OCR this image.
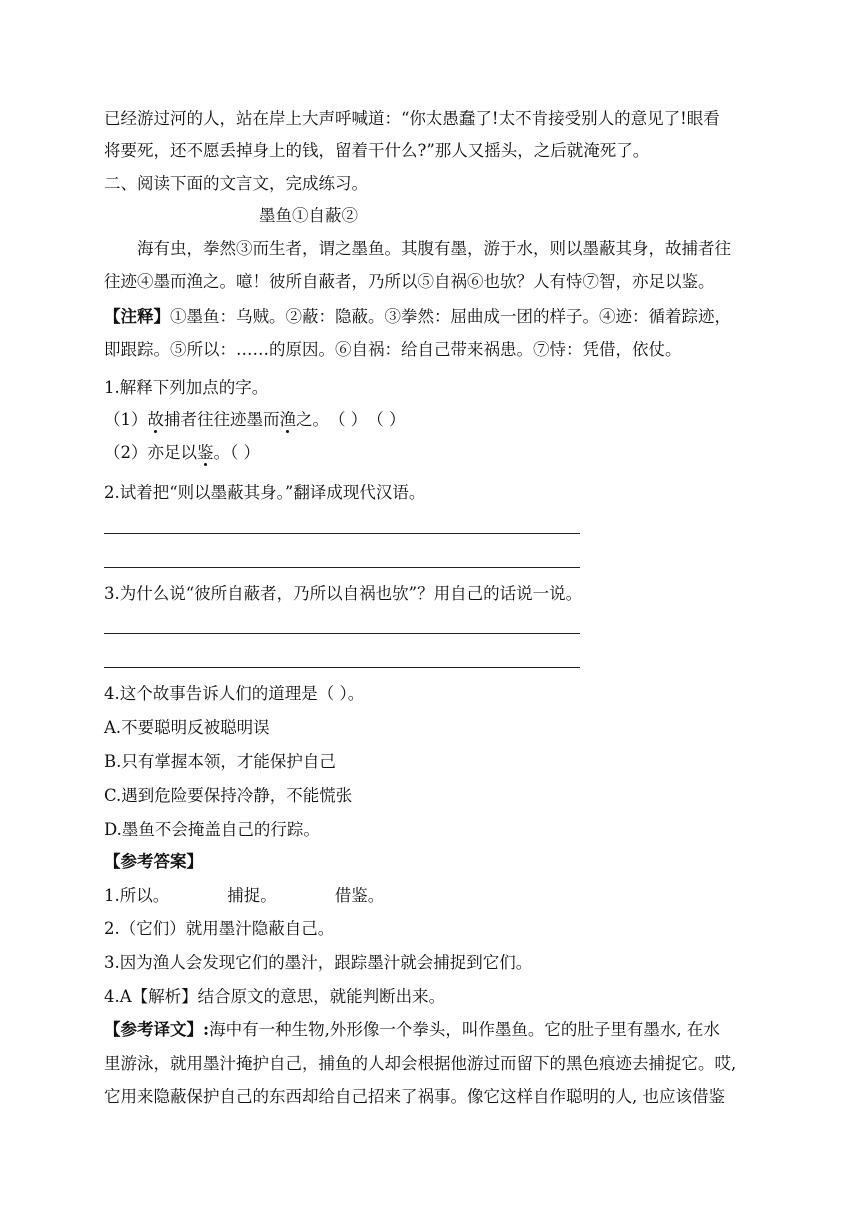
已经游过河的人，站在岸上大声呼喊道：“你太愚蠢了!太不肯接受别人的意见了!眼看
将要死，还不愿丢掉身上的钱，留着干什么?”那人又摇头，之后就淹死了。
二、阅读下面的文言文，完成练习。
墨鱼①自蔽②
海有虫，拳然③而生者，谓之墨鱼。其腹有墨，游于水，则以墨蔽其身，故捕者往
往迹④墨而渔之。噫！彼所自蔽者，乃所以⑤自祸⑥也欤？人有恃⑦智，亦足以鉴。
【注释】①墨鱼：乌贼。②蔽：隐蔽。③拳然：屈曲成一团的样子。④迹：循着踪迹，
即跟踪。⑤所以：……的原因。⑥自祸：给自己带来祸患。⑦恃：凭借，依仗。
1.解释下列加点的字。
（1）故捕者往往迹墨而渔之。（ ）（ ）
（2）亦足以鉴。（ ）
2.试着把“则以墨蔽其身。”翻译成现代汉语。
3.为什么说“彼所自蔽者，乃所以自祸也欤”？用自己的话说一说。
4.这个故事告诉人们的道理是（ ）。
A.不要聪明反被聪明误
B.只有掌握本领，才能保护自己
C.遇到危险要保持冷静，不能慌张
D.墨鱼不会掩盖自己的行踪。
【参考答案】
1.所以。	捕捉。	借鉴。
2.（它们）就用墨汁隐蔽自己。
3.因为渔人会发现它们的墨汁，跟踪墨汁就会捕捉到它们。
4.A【解析】结合原文的意思，就能判断出来。
【参考译文】:海中有一种生物,外形像一个拳头，叫作墨鱼。它的肚子里有墨水, 在水
里游泳，就用墨汁掩护自己，捕鱼的人却会根据他游过而留下的黑色痕迹去捕捉它。哎,
它用来隐蔽保护自己的东西却给自己招来了祸事。像它这样自作聪明的人, 也应该借鉴
